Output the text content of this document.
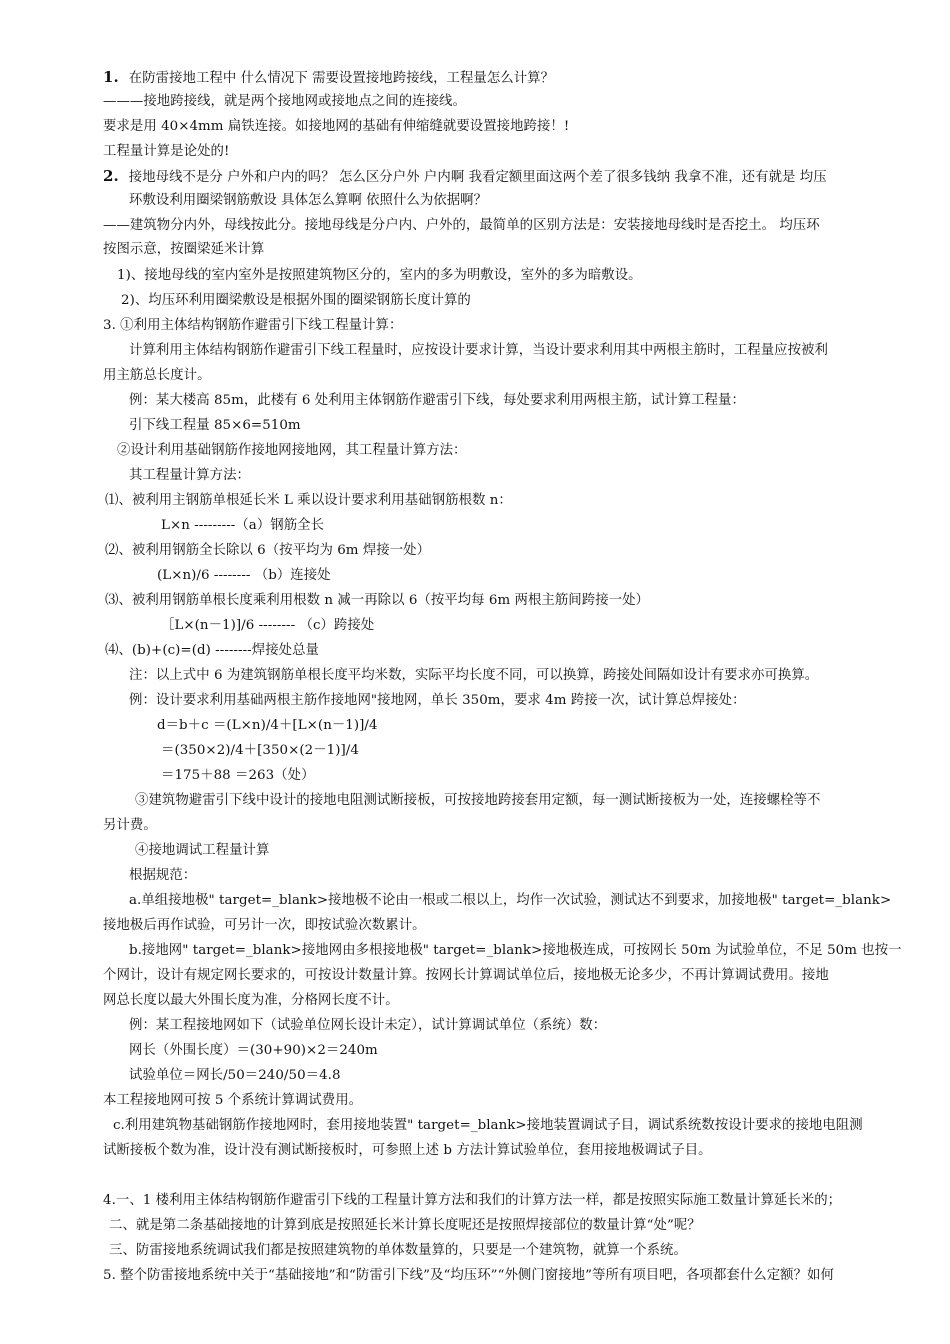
1. 在防雷接地工程中 什么情况下 需要设置接地跨接线，工程量怎么计算？
———接地跨接线，就是两个接地网或接地点之间的连接线。
要求是用 40×4mm 扁铁连接。如接地网的基础有伸缩缝就要设置接地跨接！!
工程量计算是论处的!
2. 接地母线不是分 户外和户内的吗？ 怎么区分户外 户内啊 我看定额里面这两个差了很多钱纳 我拿不准，还有就是 均压
环敷设利用圈梁钢筋敷设 具体怎么算啊 依照什么为依据啊？
——建筑物分内外，母线按此分。接地母线是分户内、户外的，最简单的区别方法是：安装接地母线时是否挖土。 均压环
按图示意，按圈梁延米计算
1)、接地母线的室内室外是按照建筑物区分的，室内的多为明敷设，室外的多为暗敷设。
2)、均压环利用圈梁敷设是根据外围的圈梁钢筋长度计算的
3. ①利用主体结构钢筋作避雷引下线工程量计算：
计算利用主体结构钢筋作避雷引下线工程量时，应按设计要求计算，当设计要求利用其中两根主筋时，工程量应按被利
用主筋总长度计。
例：某大楼高 85m，此楼有 6 处利用主体钢筋作避雷引下线，每处要求利用两根主筋，试计算工程量：
引下线工程量 85×6=510m
②设计利用基础钢筋作接地网接地网，其工程量计算方法：
其工程量计算方法：
⑴、被利用主钢筋单根延长米 L 乘以设计要求利用基础钢筋根数 n：
L×n ---------（a）钢筋全长
⑵、被利用钢筋全长除以 6（按平均为 6m 焊接一处）
(L×n)/6 -------- （b）连接处
⑶、被利用钢筋单根长度乘利用根数 n 减一再除以 6（按平均每 6m 两根主筋间跨接一处）
［L×(n－1)]/6 -------- （c）跨接处
⑷、(b)+(c)=(d) --------焊接处总量
注：以上式中 6 为建筑钢筋单根长度平均米数，实际平均长度不同，可以换算，跨接处间隔如设计有要求亦可换算。
例：设计要求利用基础两根主筋作接地网"接地网，单长 350m，要求 4m 跨接一次，试计算总焊接处：
d＝b＋c ＝(L×n)/4＋[L×(n－1)]/4
＝(350×2)/4＋[350×(2－1)]/4
＝175＋88 ＝263（处）
③建筑物避雷引下线中设计的接地电阻测试断接板，可按接地跨接套用定额，每一测试断接板为一处，连接螺栓等不
另计费。
④接地调试工程量计算
根据规范：
a.单组接地极" target=_blank>接地极不论由一根或二根以上，均作一次试验，测试达不到要求，加接地极" target=_blank>
接地极后再作试验，可另计一次，即按试验次数累计。
b.接地网" target=_blank>接地网由多根接地极" target=_blank>接地极连成，可按网长 50m 为试验单位，不足 50m 也按一
个网计，设计有规定网长要求的，可按设计数量计算。按网长计算调试单位后，接地极无论多少，不再计算调试费用。接地
网总长度以最大外围长度为准，分格网长度不计。
例：某工程接地网如下（试验单位网长设计未定），试计算调试单位（系统）数：
网长（外围长度）＝(30+90)×2＝240m
试验单位＝网长/50＝240/50＝4.8
本工程接地网可按 5 个系统计算调试费用。
c.利用建筑物基础钢筋作接地网时，套用接地装置" target=_blank>接地装置调试子目，调试系统数按设计要求的接地电阻测
试断接板个数为准，设计没有测试断接板时，可参照上述 b 方法计算试验单位，套用接地极调试子目。
4.一、1 楼利用主体结构钢筋作避雷引下线的工程量计算方法和我们的计算方法一样，都是按照实际施工数量计算延长米的；
二、就是第二条基础接地的计算到底是按照延长米计算长度呢还是按照焊接部位的数量计算“处”呢？
三、防雷接地系统调试我们都是按照建筑物的单体数量算的，只要是一个建筑物，就算一个系统。
5. 整个防雷接地系统中关于“基础接地”和“防雷引下线”及“均压环”“外侧门窗接地”等所有项目吧，各项都套什么定额？如何
